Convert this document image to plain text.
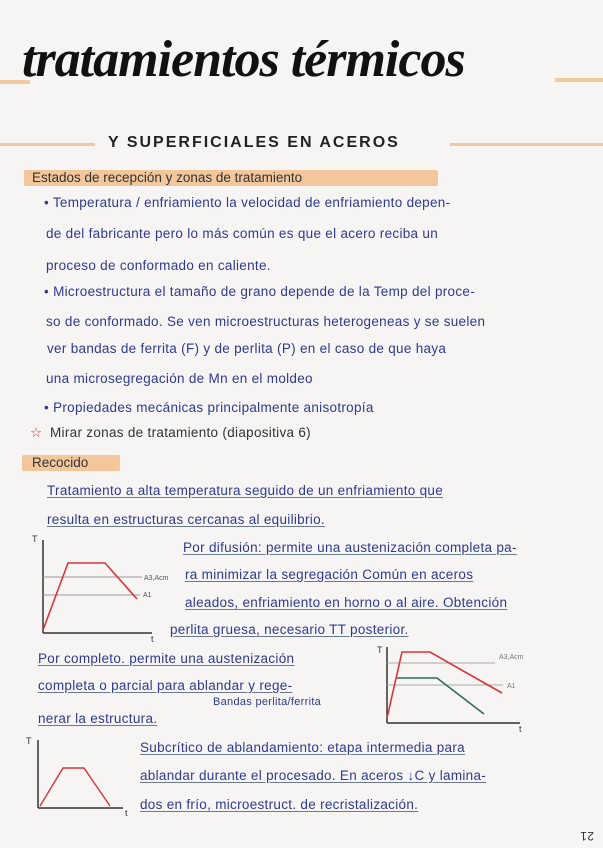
tratamientos térmicos
Y SUPERFICIALES EN ACEROS
Estados de recepción y zonas de tratamiento
• Temperatura / enfriamiento la velocidad de enfriamiento depen-
de del fabricante pero lo más común es que el acero reciba un
proceso de conformado en caliente.
• Microestructura el tamaño de grano depende de la Temp del proce-
so de conformado. Se ven microestructuras heterogeneas y se suelen
ver bandas de ferrita (F) y de perlita (P) en el caso de que haya
una microsegregación de Mn en el moldeo
• Propiedades mecánicas principalmente anisotropía
☆ Mirar zonas de tratamiento (diapositiva 6)
Recocido
Tratamiento a alta temperatura seguido de un enfriamiento que
resulta en estructuras cercanas al equilibrio.
Por difusión: permite una austenización completa pa-
ra minimizar la segregación Común en aceros
aleados, enfriamiento en horno o al aire. Obtención
perlita gruesa, necesario TT posterior.
Por completo. permite una austenización
completa o parcial para ablandar y rege-
Bandas perlita/ferrita
nerar la estructura.
Subcrítico de ablandamiento: etapa intermedia para
ablandar durante el procesado. En aceros ↓C y lamina-
dos en frío, microestruct. de recristalización.
T
t
A3,Acm
A1
T
t
A3,Acm
A1
T
t
21
